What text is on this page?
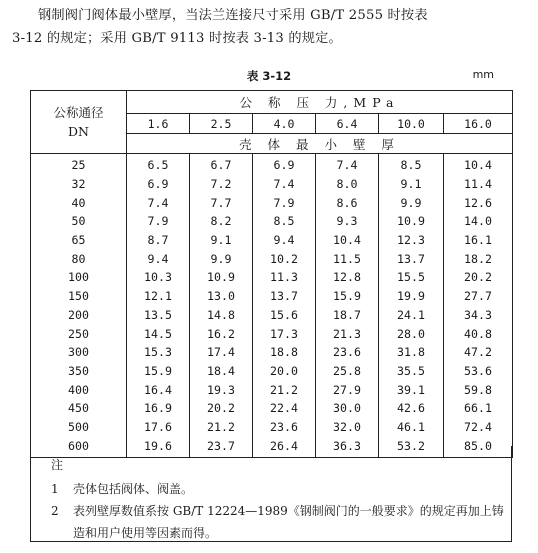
钢制阀门阀体最小壁厚，当法兰连接尺寸采用 GB/T 2555 时按表

3-12 的规定；采用 GB/T 9113 时按表 3-13 的规定。

表 3-12	mm
公称通径
DN	公 称 压 力,MPa					
	1.6	2.5	4.0	6.4	10.0	16.0
	壳 体 最 小 壁 厚					
25	6.5	6.7	6.9	7.4	8.5	10.4
32	6.9	7.2	7.4	8.0	9.1	11.4
40	7.4	7.7	7.9	8.6	9.9	12.6
50	7.9	8.2	8.5	9.3	10.9	14.0
65	8.7	9.1	9.4	10.4	12.3	16.1
80	9.4	9.9	10.2	11.5	13.7	18.2
100	10.3	10.9	11.3	12.8	15.5	20.2
150	12.1	13.0	13.7	15.9	19.9	27.7
200	13.5	14.8	15.6	18.7	24.1	34.3
250	14.5	16.2	17.3	21.3	28.0	40.8
300	15.3	17.4	18.8	23.6	31.8	47.2
350	15.9	18.4	20.0	25.8	35.5	53.6
400	16.4	19.3	21.2	27.9	39.1	59.8
450	16.9	20.2	22.4	30.0	42.6	66.1
500	17.6	21.2	23.6	32.0	46.1	72.4
600	19.6	23.7	26.4	36.3	53.2	85.0
注
1 壳体包括阀体、阀盖。
2 表列壁厚数值系按 GB/T 12224—1989《钢制阀门的一般要求》的规定再加上铸造和用户使用等因素而得。
